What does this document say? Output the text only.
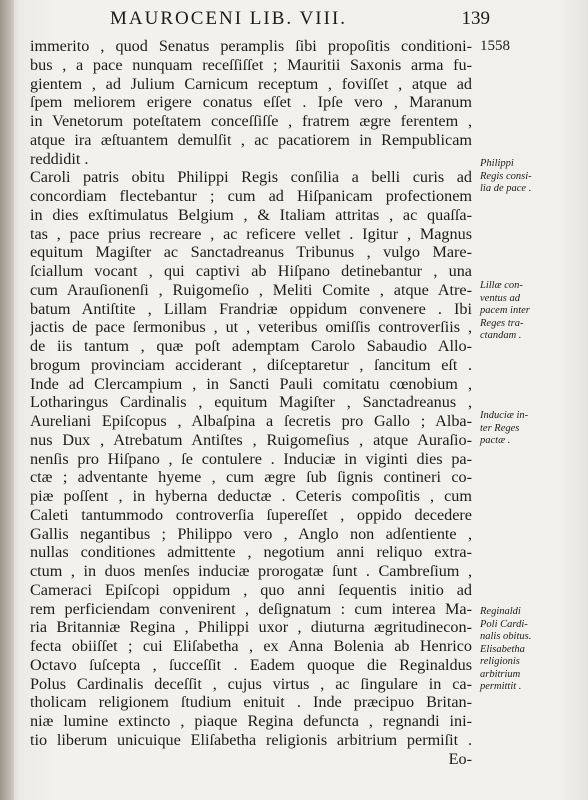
MAUROCENI LIB. VIII.	139
1558
immerito , quod Senatus peramplis ſibi propoſitis conditioni-
bus , a pace nunquam receſſiſſet ; Mauritii Saxonis arma fu-
gientem , ad Julium Carnicum receptum , foviſſet , atque ad
ſpem meliorem erigere conatus eſſet . Ipſe vero , Maranum
in Venetorum poteſtatem conceſſiſſe , fratrem ægre ferentem ,
atque ira æſtuantem demulſit , ac pacatiorem in Rempublicam
reddidit .
Caroli patris obitu Philippi Regis conſilia a belli curis ad
concordiam flectebantur ; cum ad Hiſpanicam profectionem
in dies exſtimulatus Belgium , & Italiam attritas , ac quaſſa-
tas , pace prius recreare , ac reficere vellet . Igitur , Magnus
equitum Magiſter ac Sanctadreanus Tribunus , vulgo Mare-
ſciallum vocant , qui captivi ab Hiſpano detinebantur , una
cum Arauſionenſi , Ruigomeſio , Meliti Comite , atque Atre-
batum Antiſtite , Lillam Frandriæ oppidum convenere . Ibi
jactis de pace ſermonibus , ut , veteribus omiſſis controverſiis ,
de iis tantum , quæ poſt ademptam Carolo Sabaudio Allo-
brogum provinciam acciderant , diſceptaretur , ſancitum eſt .
Inde ad Clercampium , in Sancti Pauli comitatu cœnobium ,
Lotharingus Cardinalis , equitum Magiſter , Sanctadreanus ,
Aureliani Epiſcopus , Albaſpina a ſecretis pro Gallo ; Alba-
nus Dux , Atrebatum Antiſtes , Ruigomeſius , atque Auraſio-
nenſis pro Hiſpano , ſe contulere . Induciæ in viginti dies pa-
ctæ ; adventante hyeme , cum ægre ſub ſignis contineri co-
piæ poſſent , in hyberna deductæ . Ceteris compoſitis , cum
Caleti tantummodo controverſia ſupereſſet , oppido decedere
Gallis negantibus ; Philippo vero , Anglo non adſentiente ,
nullas conditiones admittente , negotium anni reliquo extra-
ctum , in duos menſes induciæ prorogatæ ſunt . Cambreſium ,
Cameraci Epiſcopi oppidum , quo anni ſequentis initio ad
rem perficiendam convenirent , deſignatum : cum interea Ma-
ria Britanniæ Regina , Philippi uxor , diuturna ægritudinecon-
fecta obiiſſet ; cui Eliſabetha , ex Anna Bolenia ab Henrico
Octavo ſuſcepta , ſucceſſit . Eadem quoque die Reginaldus
Polus Cardinalis deceſſit , cujus virtus , ac ſingulare in ca-
tholicam religionem ſtudium enituit . Inde præcipuo Britan-
niæ lumine extincto , piaque Regina defuncta , regnandi ini-
tio liberum unicuique Eliſabetha religionis arbitrium permiſit .
Eo-
Philippi
Regis consi-
lia de pace .
Lillæ con-
ventus ad
pacem inter
Reges tra-
ctandam .
Induciæ in-
ter Reges
pactæ .
Reginaldi
Poli Cardi-
nalis obitus.
Elisabetha
religionis
arbitrium
permittit .
